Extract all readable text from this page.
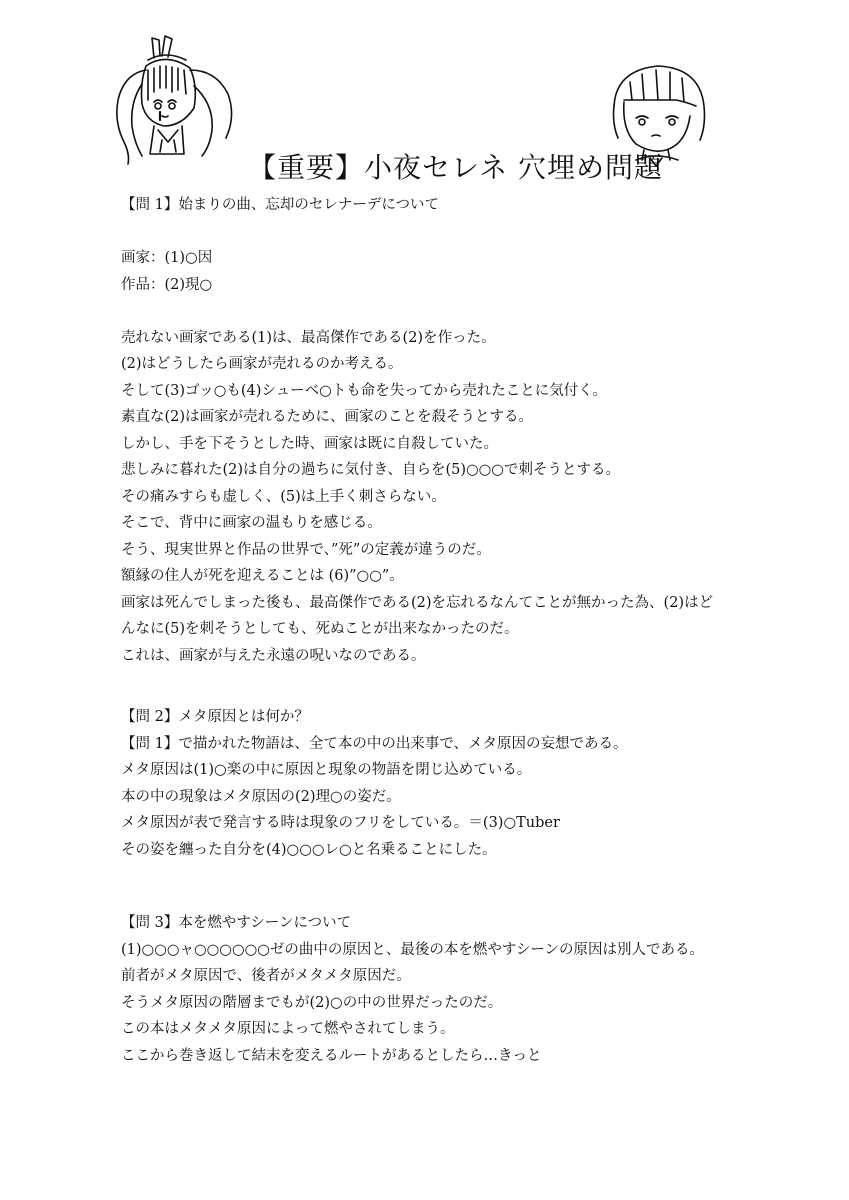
【重要】小夜セレネ 穴埋め問題
【問 1】始まりの曲、忘却のセレナーデについて
画家：(1)○因
作品：(2)現○
売れない画家である(1)は、最高傑作である(2)を作った。
(2)はどうしたら画家が売れるのか考える。
そして(3)ゴッ○も(4)シューベ○トも命を失ってから売れたことに気付く。
素直な(2)は画家が売れるために、画家のことを殺そうとする。
しかし、手を下そうとした時、画家は既に自殺していた。
悲しみに暮れた(2)は自分の過ちに気付き、自らを(5)○○○で刺そうとする。
その痛みすらも虚しく、(5)は上手く刺さらない。
そこで、背中に画家の温もりを感じる。
そう、現実世界と作品の世界で、”死”の定義が違うのだ。
額縁の住人が死を迎えることは (6)”○○”。
画家は死んでしまった後も、最高傑作である(2)を忘れるなんてことが無かった為、(2)はど
んなに(5)を刺そうとしても、死ぬことが出来なかったのだ。
これは、画家が与えた永遠の呪いなのである。
【問 2】メタ原因とは何か？
【問 1】で描かれた物語は、全て本の中の出来事で、メタ原因の妄想である。
メタ原因は(1)○楽の中に原因と現象の物語を閉じ込めている。
本の中の現象はメタ原因の(2)理○の姿だ。
メタ原因が表で発言する時は現象のフリをしている。＝(3)○Tuber
その姿を纏った自分を(4)○○○レ○と名乗ることにした。
【問 3】本を燃やすシーンについて
(1)○○○ャ○○○○○○ゼの曲中の原因と、最後の本を燃やすシーンの原因は別人である。
前者がメタ原因で、後者がメタメタ原因だ。
そうメタ原因の階層までもが(2)○の中の世界だったのだ。
この本はメタメタ原因によって燃やされてしまう。
ここから巻き返して結末を変えるルートがあるとしたら…きっと
